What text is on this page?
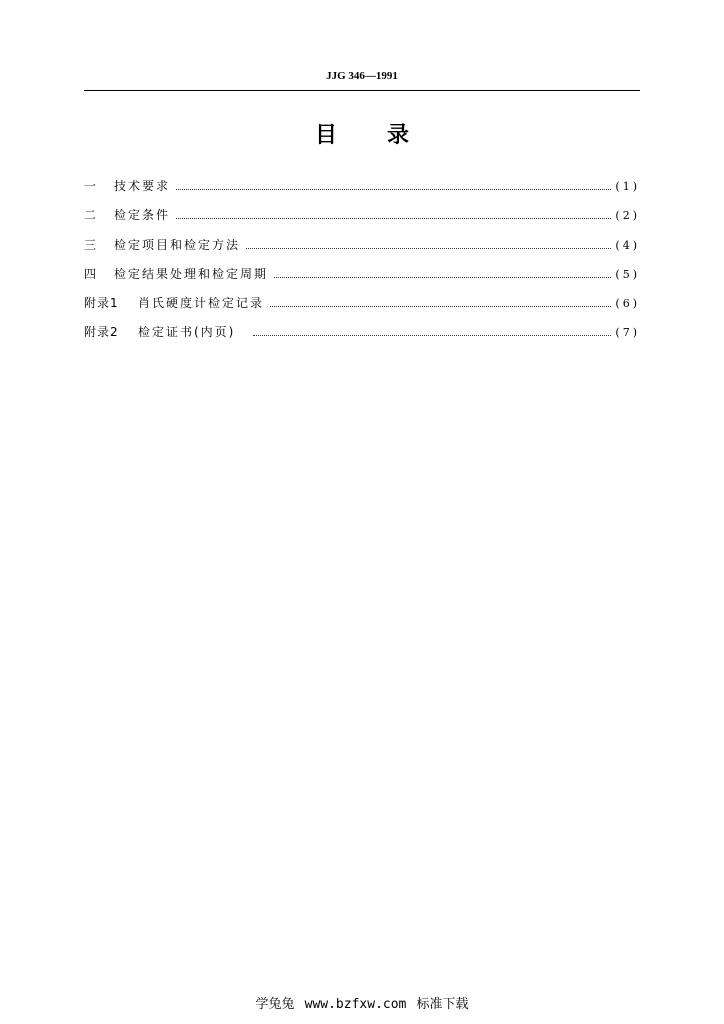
JJG 346—1991
目 录
一	技术要求	(1)
二	检定条件	(2)
三	检定项目和检定方法	(4)
四	检定结果处理和检定周期	(5)
附录1	肖氏硬度计检定记录	(6)
附录2	检定证书(内页)	(7)
学兔兔 www.bzfxw.com 标准下载
